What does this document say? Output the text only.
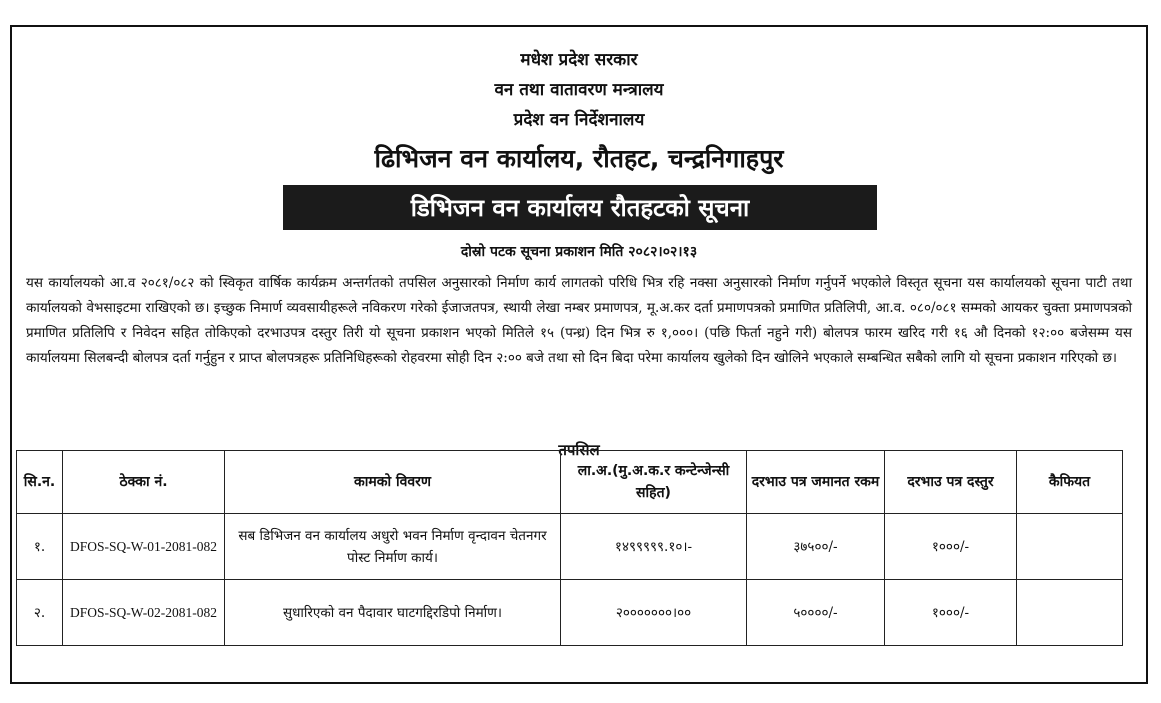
मधेश प्रदेश सरकार
वन तथा वातावरण मन्त्रालय
प्रदेश वन निर्देशनालय
ढिभिजन वन कार्यालय, रौतहट, चन्द्रनिगाहपुर
डिभिजन वन कार्यालय रौतहटको सूचना
दोस्रो पटक सूचना प्रकाशन मिति २०८२।०२।१३

यस कार्यालयको आ.व २०८१/०८२ को स्विकृत वार्षिक कार्यक्रम अन्तर्गतको तपसिल अनुसारको निर्माण कार्य लागतको परिधि भित्र रहि नक्सा अनुसारको निर्माण गर्नुपर्ने भएकोले विस्तृत सूचना यस कार्यालयको सूचना पाटी तथा कार्यालयको वेभसाइटमा राखिएको छ। इच्छुक निमार्ण व्यवसायीहरूले नविकरण गरेको ईजाजतपत्र, स्थायी लेखा नम्बर प्रमाणपत्र, मू.अ.कर दर्ता प्रमाणपत्रको प्रमाणित प्रतिलिपी, आ.व. ०८०/०८१ सम्मको आयकर चुक्ता प्रमाणपत्रको प्रमाणित प्रतिलिपि र निवेदन सहित तोकिएको दरभाउपत्र दस्तुर तिरी यो सूचना प्रकाशन भएको मितिले १५ (पन्ध्र) दिन भित्र रु १,०००। (पछि फिर्ता नहुने गरी) बोलपत्र फारम खरिद गरी १६ औ दिनको १२:०० बजेसम्म यस कार्यालयमा सिलबन्दी बोलपत्र दर्ता गर्नुहुन र प्राप्त बोलपत्रहरू प्रतिनिधिहरूको रोहवरमा सोही दिन २:०० बजे तथा सो दिन बिदा परेमा कार्यालय खुलेको दिन खोलिने भएकाले सम्बन्धित सबैको लागि यो सूचना प्रकाशन गरिएको छ।

तपसिल
सि.न.	ठेक्का नं.	कामको विवरण	ला.अ.(मु.अ.क.र कन्टेन्जेन्सी सहित)	दरभाउ पत्र जमानत रकम	दरभाउ पत्र दस्तुर	कैफियत
१.	DFOS-SQ-W-01-2081-082	सब डिभिजन वन कार्यालय अधुरो भवन निर्माण वृन्दावन चेतनगर पोस्ट निर्माण कार्य।	१४९९९९९.१०।-	३७५००/-	१०००/-	
२.	DFOS-SQ-W-02-2081-082	सुधारिएको वन पैदावार घाटगद्दिरडिपो निर्माण।	२०००००००।००	५००००/-	१०००/-	
